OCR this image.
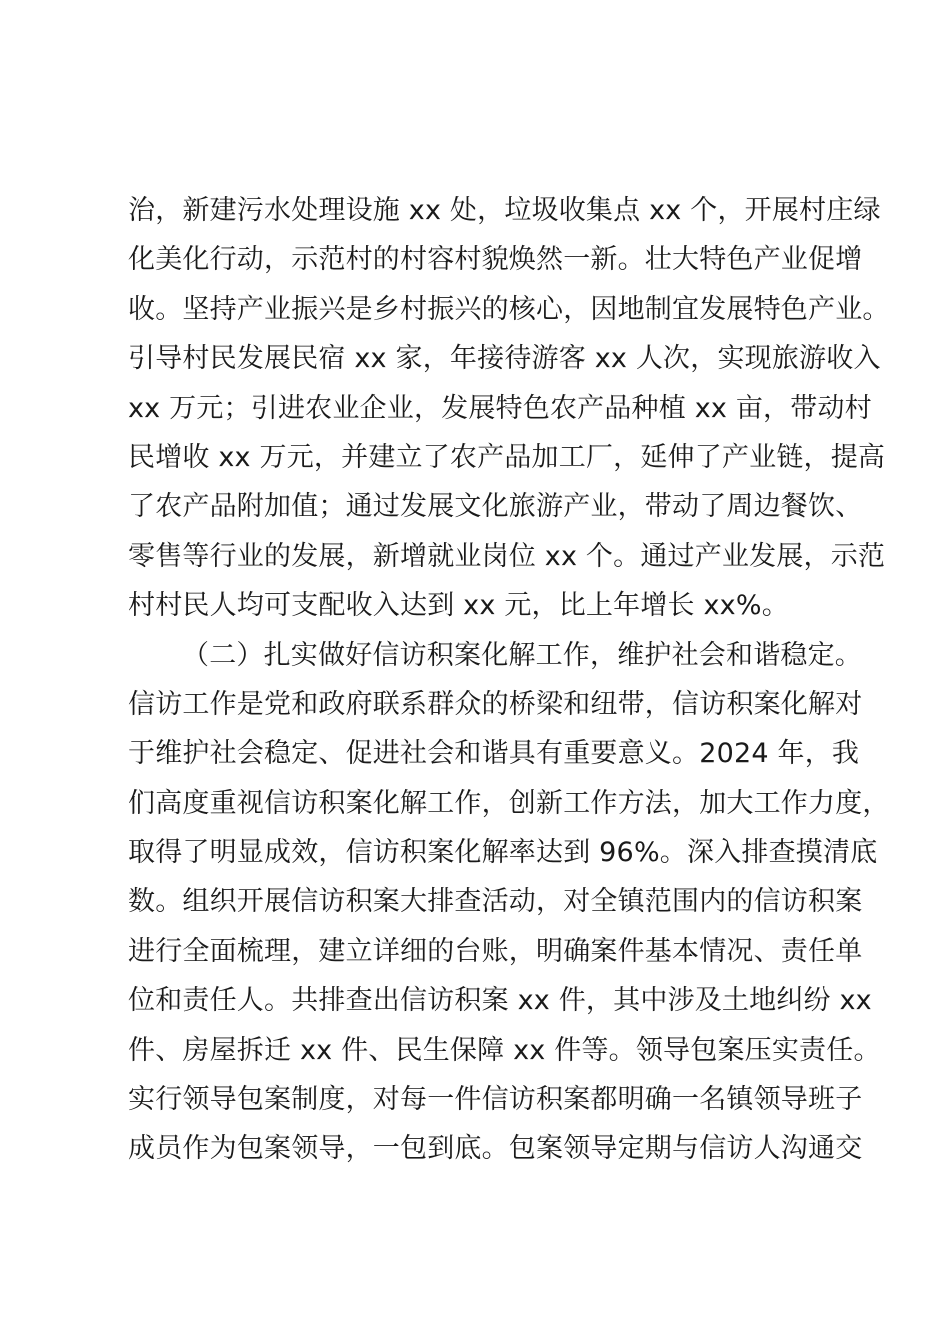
治，新建污水处理设施 xx 处，垃圾收集点 xx 个，开展村庄绿
化美化行动，示范村的村容村貌焕然一新。壮大特色产业促增
收。坚持产业振兴是乡村振兴的核心，因地制宜发展特色产业。
引导村民发展民宿 xx 家，年接待游客 xx 人次，实现旅游收入
xx 万元；引进农业企业，发展特色农产品种植 xx 亩，带动村
民增收 xx 万元，并建立了农产品加工厂，延伸了产业链，提高
了农产品附加值；通过发展文化旅游产业，带动了周边餐饮、
零售等行业的发展，新增就业岗位 xx 个。通过产业发展，示范
村村民人均可支配收入达到 xx 元，比上年增长 xx%。
（二）扎实做好信访积案化解工作，维护社会和谐稳定。
信访工作是党和政府联系群众的桥梁和纽带，信访积案化解对
于维护社会稳定、促进社会和谐具有重要意义。2024 年，我
们高度重视信访积案化解工作，创新工作方法，加大工作力度，
取得了明显成效，信访积案化解率达到 96%。深入排查摸清底
数。组织开展信访积案大排查活动，对全镇范围内的信访积案
进行全面梳理，建立详细的台账，明确案件基本情况、责任单
位和责任人。共排查出信访积案 xx 件，其中涉及土地纠纷 xx
件、房屋拆迁 xx 件、民生保障 xx 件等。领导包案压实责任。
实行领导包案制度，对每一件信访积案都明确一名镇领导班子
成员作为包案领导，一包到底。包案领导定期与信访人沟通交
